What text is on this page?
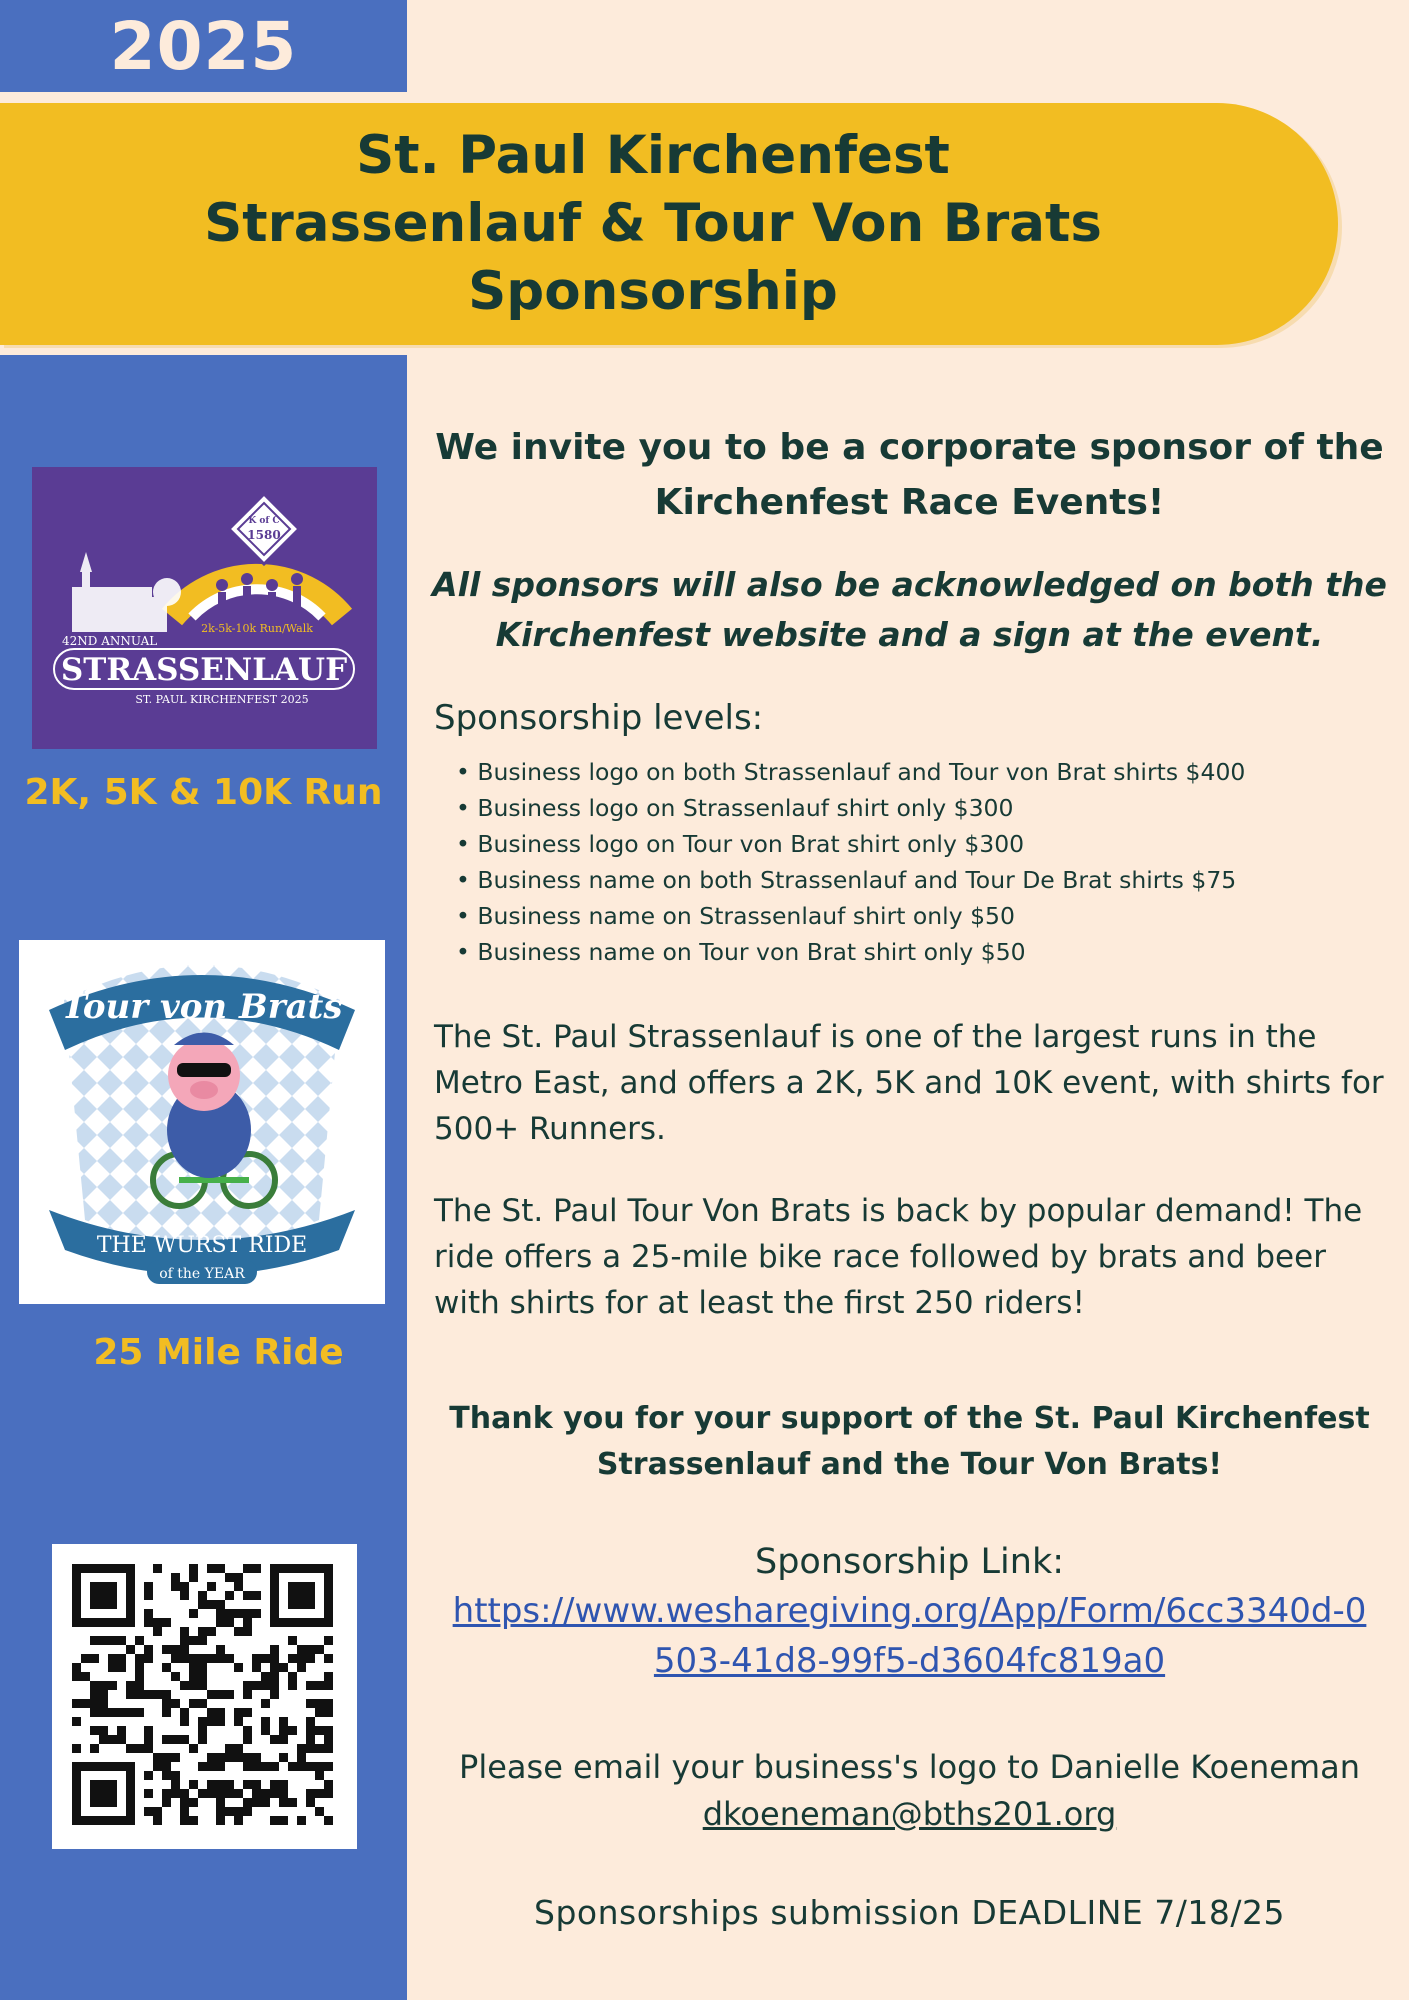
2025
St. Paul Kirchenfest
Strassenlauf & Tour Von Brats
Sponsorship
K of C
1580
2k-5k-10k Run/Walk
42ND ANNUAL
STRASSENLAUF
ST. PAUL KIRCHENFEST 2025
2K, 5K & 10K Run
Tour von Brats
THE WURST RIDE
of the YEAR
25 Mile Ride

We invite you to be a corporate sponsor of the Kirchenfest Race Events!

All sponsors will also be acknowledged on both the Kirchenfest website and a sign at the event.

Sponsorship levels:
• Business logo on both Strassenlauf and Tour von Brat shirts $400
• Business logo on Strassenlauf shirt only $300
• Business logo on Tour von Brat shirt only $300
• Business name on both Strassenlauf and Tour De Brat shirts $75
• Business name on Strassenlauf shirt only $50
• Business name on Tour von Brat shirt only $50

The St. Paul Strassenlauf is one of the largest runs in the Metro East, and offers a 2K, 5K and 10K event, with shirts for 500+ Runners.

The St. Paul Tour Von Brats is back by popular demand! The ride offers a 25-mile bike race followed by brats and beer with shirts for at least the first 250 riders!

Thank you for your support of the St. Paul Kirchenfest Strassenlauf and the Tour Von Brats!

Sponsorship Link:
https://www.wesharegiving.org/App/Form/6cc3340d-0503-41d8-99f5-d3604fc819a0

Please email your business's logo to Danielle Koeneman
dkoeneman@bths201.org

Sponsorships submission DEADLINE 7/18/25
